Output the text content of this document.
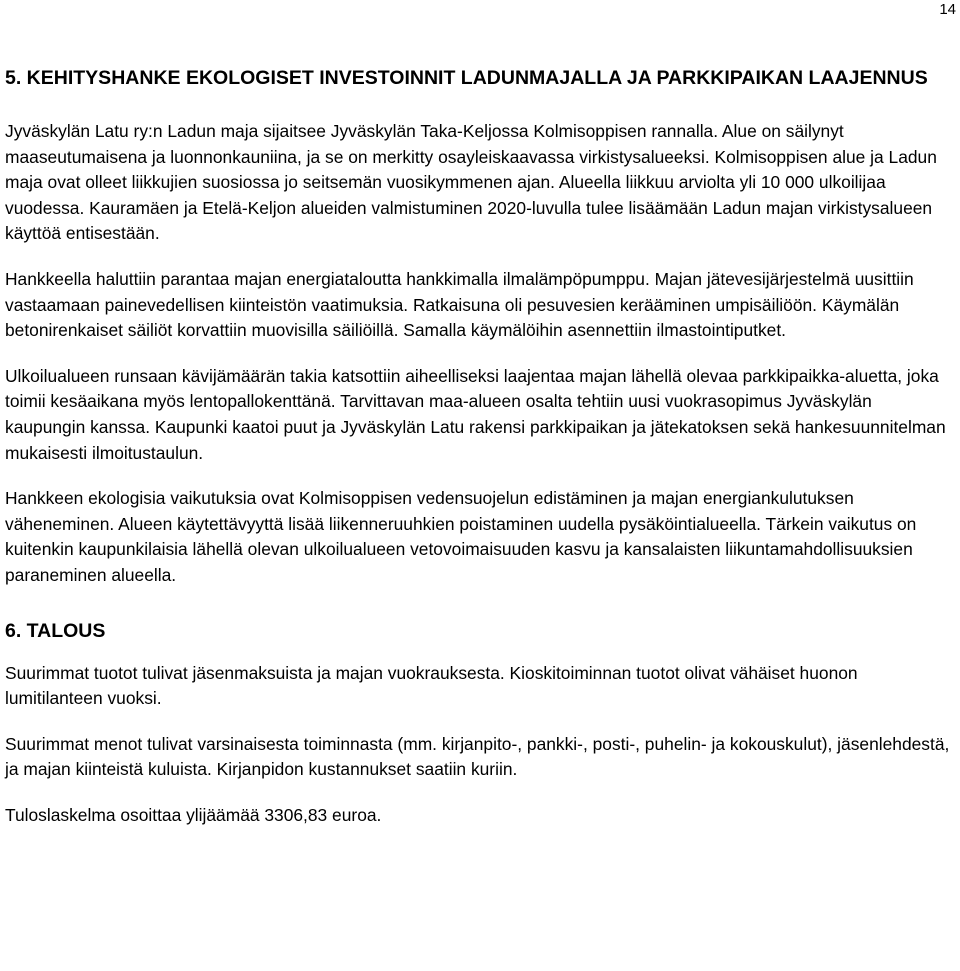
14
5. KEHITYSHANKE EKOLOGISET INVESTOINNIT LADUNMAJALLA JA PARKKIPAIKAN LAAJENNUS

Jyväskylän Latu ry:n Ladun maja sijaitsee Jyväskylän Taka-Keljossa Kolmisoppisen rannalla. Alue on säilynyt maaseutumaisena ja luonnonkauniina, ja se on merkitty osayleiskaavassa virkistysalueeksi. Kolmisoppisen alue ja Ladun maja ovat olleet liikkujien suosiossa jo seitsemän vuosikymmenen ajan. Alueella liikkuu arviolta yli 10 000 ulkoilijaa vuodessa. Kauramäen ja Etelä-Keljon alueiden valmistuminen 2020-luvulla tulee lisäämään Ladun majan virkistysalueen käyttöä entisestään.

Hankkeella haluttiin parantaa majan energiataloutta hankkimalla ilmalämpöpumppu. Majan jätevesijärjestelmä uusittiin vastaamaan painevedellisen kiinteistön vaatimuksia. Ratkaisuna oli pesuvesien kerääminen umpisäiliöön. Käymälän betonirenkaiset säiliöt korvattiin muovisilla säiliöillä. Samalla käymälöihin asennettiin ilmastointiputket.

Ulkoilualueen runsaan kävijämäärän takia katsottiin aiheelliseksi laajentaa majan lähellä olevaa parkkipaikka-aluetta, joka toimii kesäaikana myös lentopallokenttänä. Tarvittavan maa-alueen osalta tehtiin uusi vuokrasopimus Jyväskylän kaupungin kanssa. Kaupunki kaatoi puut ja Jyväskylän Latu rakensi parkkipaikan ja jätekatoksen sekä hankesuunnitelman mukaisesti ilmoitustaulun.

Hankkeen ekologisia vaikutuksia ovat Kolmisoppisen vedensuojelun edistäminen ja majan energiankulutuksen väheneminen. Alueen käytettävyyttä lisää liikenneruuhkien poistaminen uudella pysäköintialueella. Tärkein vaikutus on kuitenkin kaupunkilaisia lähellä olevan ulkoilualueen vetovoimaisuuden kasvu ja kansalaisten liikuntamahdollisuuksien paraneminen alueella.

6. TALOUS

Suurimmat tuotot tulivat jäsenmaksuista ja majan vuokrauksesta. Kioskitoiminnan tuotot olivat vähäiset huonon lumitilanteen vuoksi.

Suurimmat menot tulivat varsinaisesta toiminnasta (mm. kirjanpito-, pankki-, posti-, puhelin- ja kokouskulut), jäsenlehdestä, ja majan kiinteistä kuluista. Kirjanpidon kustannukset saatiin kuriin.

Tuloslaskelma osoittaa ylijäämää 3306,83 euroa.
